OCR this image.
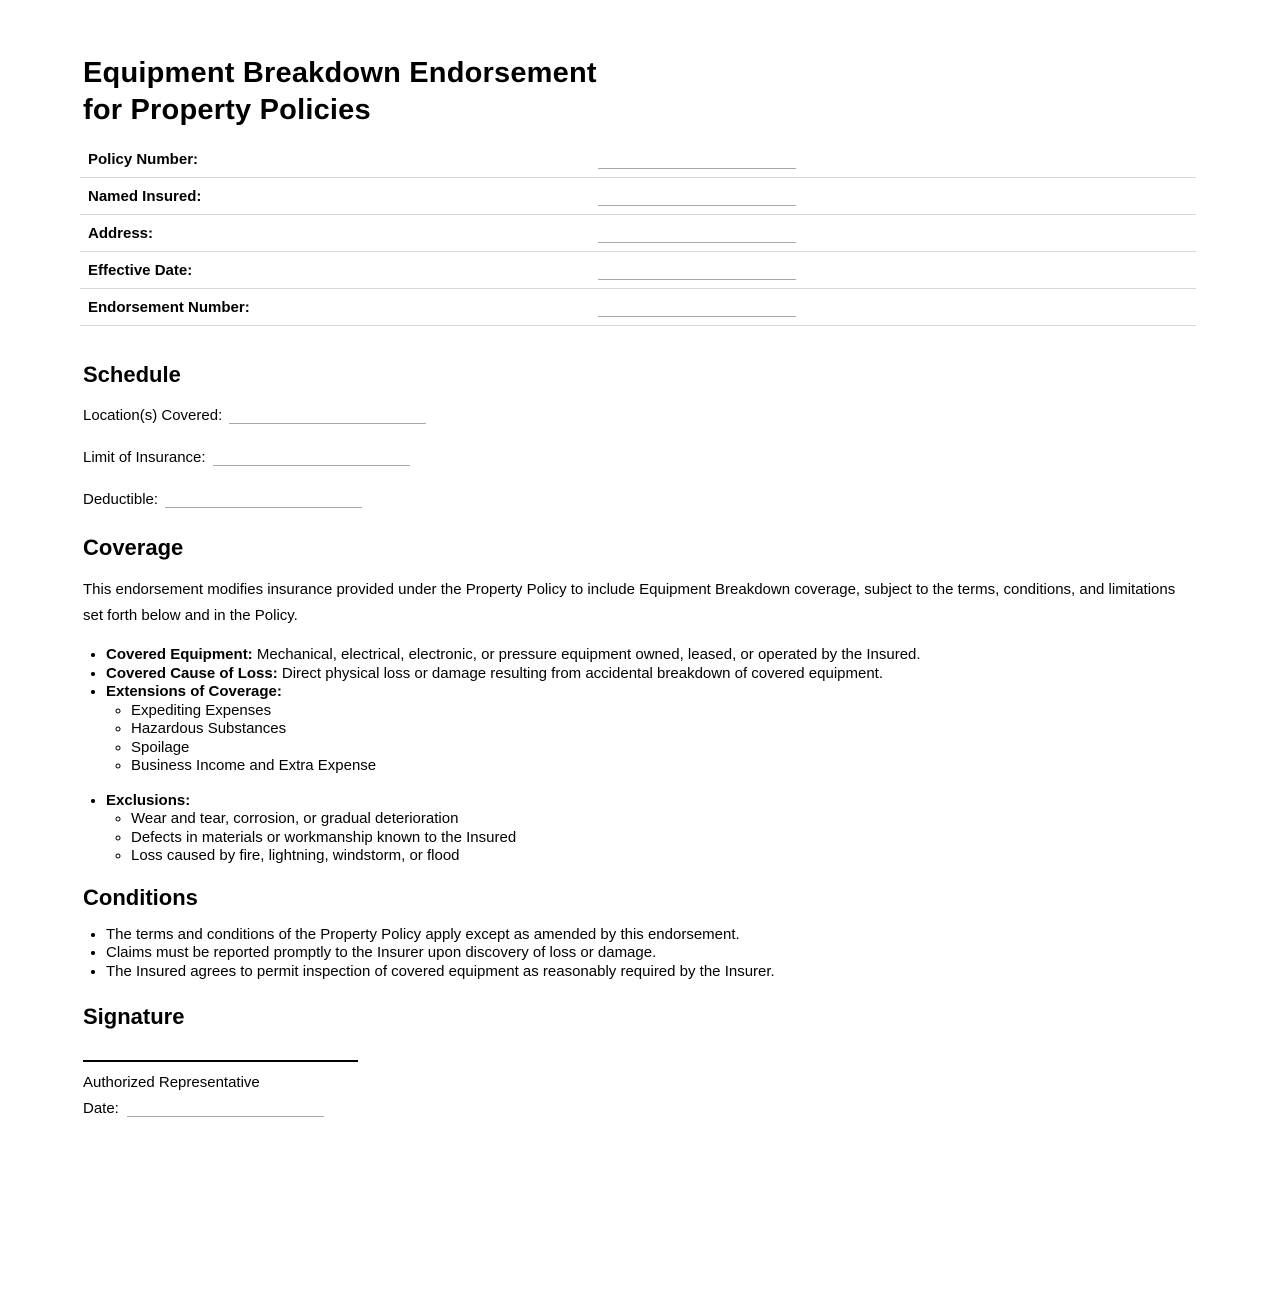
Equipment Breakdown Endorsement
for Property Policies
Policy Number:
Named Insured:
Address:
Effective Date:
Endorsement Number:
Schedule

Location(s) Covered:

Limit of Insurance:

Deductible:

Coverage

This endorsement modifies insurance provided under the Property Policy to include Equipment Breakdown coverage, subject to the terms, conditions, and limitations set forth below and in the Policy.

• Covered Equipment: Mechanical, electrical, electronic, or pressure equipment owned, leased, or operated by the Insured.
• Covered Cause of Loss: Direct physical loss or damage resulting from accidental breakdown of covered equipment.
• Extensions of Coverage:
◦ Expediting Expenses
◦ Hazardous Substances
◦ Spoilage
◦ Business Income and Extra Expense
• Exclusions:
◦ Wear and tear, corrosion, or gradual deterioration
◦ Defects in materials or workmanship known to the Insured
◦ Loss caused by fire, lightning, windstorm, or flood
Conditions
• The terms and conditions of the Property Policy apply except as amended by this endorsement.
• Claims must be reported promptly to the Insurer upon discovery of loss or damage.
• The Insured agrees to permit inspection of covered equipment as reasonably required by the Insurer.
Signature

Authorized Representative

Date:
